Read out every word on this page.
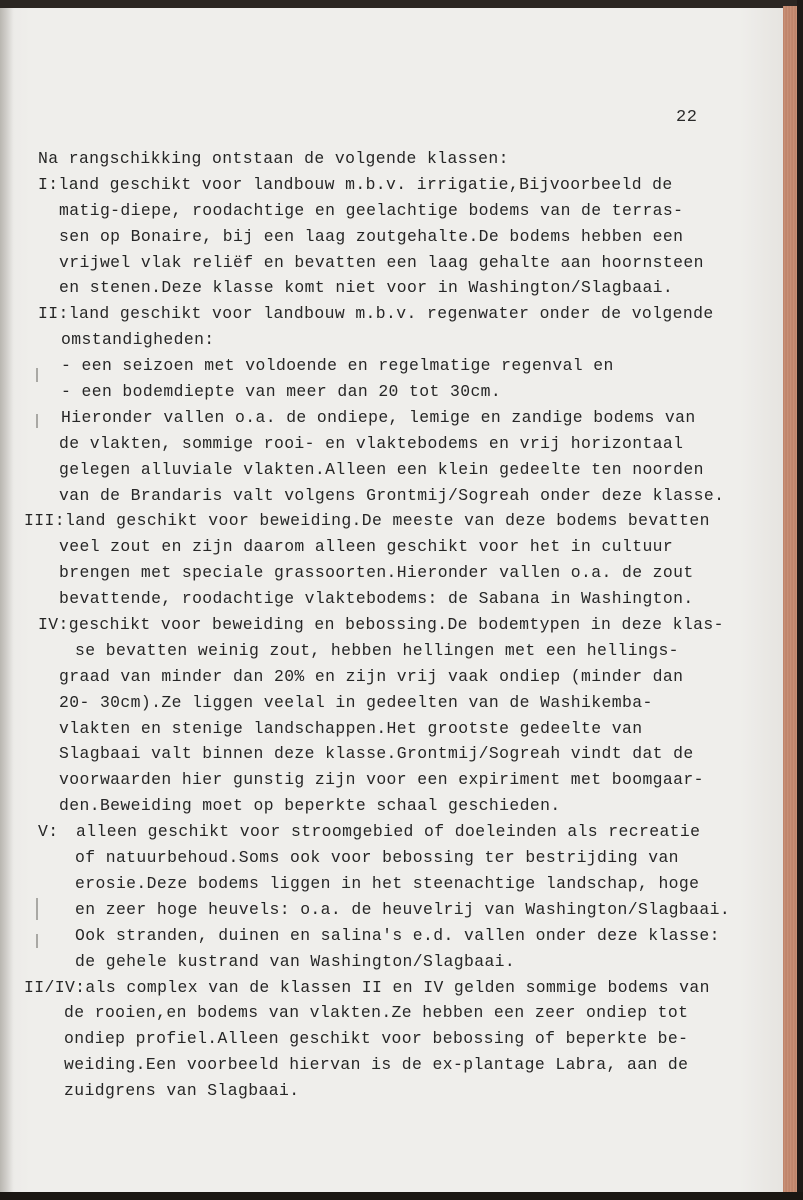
22
Na rangschikking ontstaan de volgende klassen:
I:land geschikt voor landbouw m.b.v. irrigatie,Bijvoorbeeld de
matig-diepe, roodachtige en geelachtige bodems van de terras-
sen op Bonaire, bij een laag zoutgehalte.De bodems hebben een
vrijwel vlak reliëf en bevatten een laag gehalte aan hoornsteen
en stenen.Deze klasse komt niet voor in Washington/Slagbaai.
II:land geschikt voor landbouw m.b.v. regenwater onder de volgende
omstandigheden:
- een seizoen met voldoende en regelmatige regenval en
- een bodemdiepte van meer dan 20 tot 30cm.
Hieronder vallen o.a. de ondiepe, lemige en zandige bodems van
de vlakten, sommige rooi- en vlaktebodems en vrij horizontaal
gelegen alluviale vlakten.Alleen een klein gedeelte ten noorden
van de Brandaris valt volgens Grontmij/Sogreah onder deze klasse.
III:land geschikt voor beweiding.De meeste van deze bodems bevatten
veel zout en zijn daarom alleen geschikt voor het in cultuur
brengen met speciale grassoorten.Hieronder vallen o.a. de zout
bevattende, roodachtige vlaktebodems: de Sabana in Washington.
IV:geschikt voor beweiding en bebossing.De bodemtypen in deze klas-
se bevatten weinig zout, hebben hellingen met een hellings-
graad van minder dan 20% en zijn vrij vaak ondiep (minder dan
20- 30cm).Ze liggen veelal in gedeelten van de Washikemba-
vlakten en stenige landschappen.Het grootste gedeelte van
Slagbaai valt binnen deze klasse.Grontmij/Sogreah vindt dat de
voorwaarden hier gunstig zijn voor een expiriment met boomgaar-
den.Beweiding moet op beperkte schaal geschieden.
V: alleen geschikt voor stroomgebied of doeleinden als recreatie
of natuurbehoud.Soms ook voor bebossing ter bestrijding van
erosie.Deze bodems liggen in het steenachtige landschap, hoge
en zeer hoge heuvels: o.a. de heuvelrij van Washington/Slagbaai.
Ook stranden, duinen en salina's e.d. vallen onder deze klasse:
de gehele kustrand van Washington/Slagbaai.
II/IV:als complex van de klassen II en IV gelden sommige bodems van
de rooien,en bodems van vlakten.Ze hebben een zeer ondiep tot
ondiep profiel.Alleen geschikt voor bebossing of beperkte be-
weiding.Een voorbeeld hiervan is de ex-plantage Labra, aan de
zuidgrens van Slagbaai.
